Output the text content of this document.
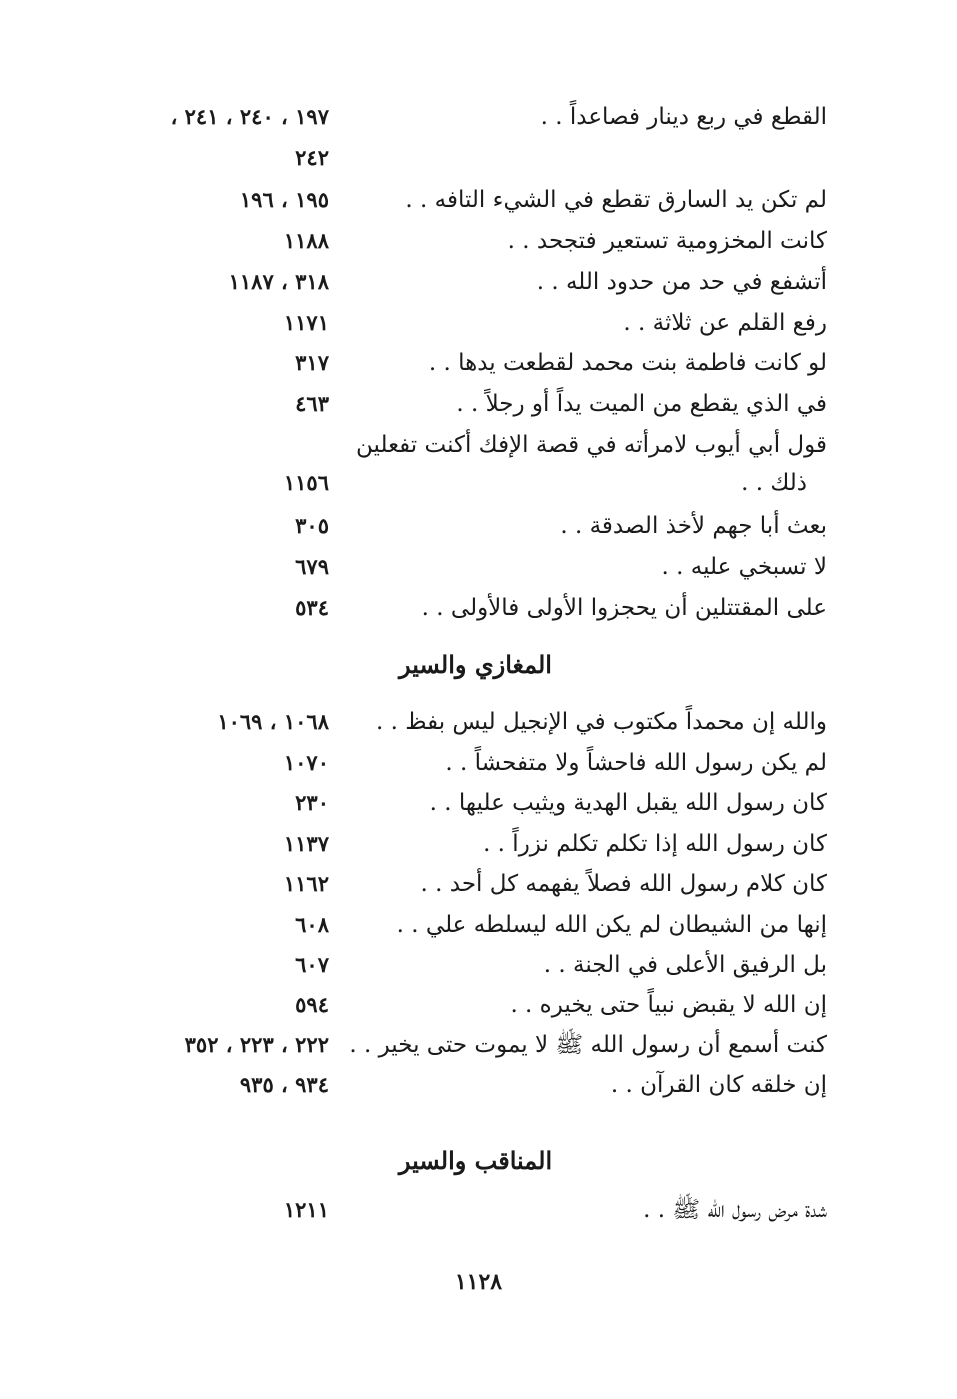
القطع في ربع دينار فصاعداً . .
١٩٧ ، ٢٤٠ ، ٢٤١ ،
٢٤٢
لم تكن يد السارق تقطع في الشيء التافه . .
١٩٥ ، ١٩٦
كانت المخزومية تستعير فتجحد . .
١١٨٨
أتشفع في حد من حدود الله . .
٣١٨ ، ١١٨٧
رفع القلم عن ثلاثة . .
١١٧١
لو كانت فاطمة بنت محمد لقطعت يدها . .
٣١٧
في الذي يقطع من الميت يداً أو رجلاً . .
٤٦٣
قول أبي أيوب لامرأته في قصة الإفك أكنت تفعلين
ذلك . .
١١٥٦
بعث أبا جهم لأخذ الصدقة . .
٣٠٥
لا تسبخي عليه . .
٦٧٩
على المقتتلين أن يحجزوا الأولى فالأولى . .
٥٣٤
المغازي والسير
والله إن محمداً مكتوب في الإنجيل ليس بفظ . .
١٠٦٨ ، ١٠٦٩
لم يكن رسول الله فاحشاً ولا متفحشاً . .
١٠٧٠
كان رسول الله يقبل الهدية ويثيب عليها . .
٢٣٠
كان رسول الله إذا تكلم تكلم نزراً . .
١١٣٧
كان كلام رسول الله فصلاً يفهمه كل أحد . .
١١٦٢
إنها من الشيطان لم يكن الله ليسلطه علي . .
٦٠٨
بل الرفيق الأعلى في الجنة . .
٦٠٧
إن الله لا يقبض نبياً حتى يخيره . .
٥٩٤
كنت أسمع أن رسول الله ﷺ لا يموت حتى يخير . .
٢٢٢ ، ٢٢٣ ، ٣٥٢
إن خلقه كان القرآن . .
٩٣٤ ، ٩٣٥
المناقب والسير
شدة مرض رسول الله ﷺ . .
١٢١١
١١٢٨
